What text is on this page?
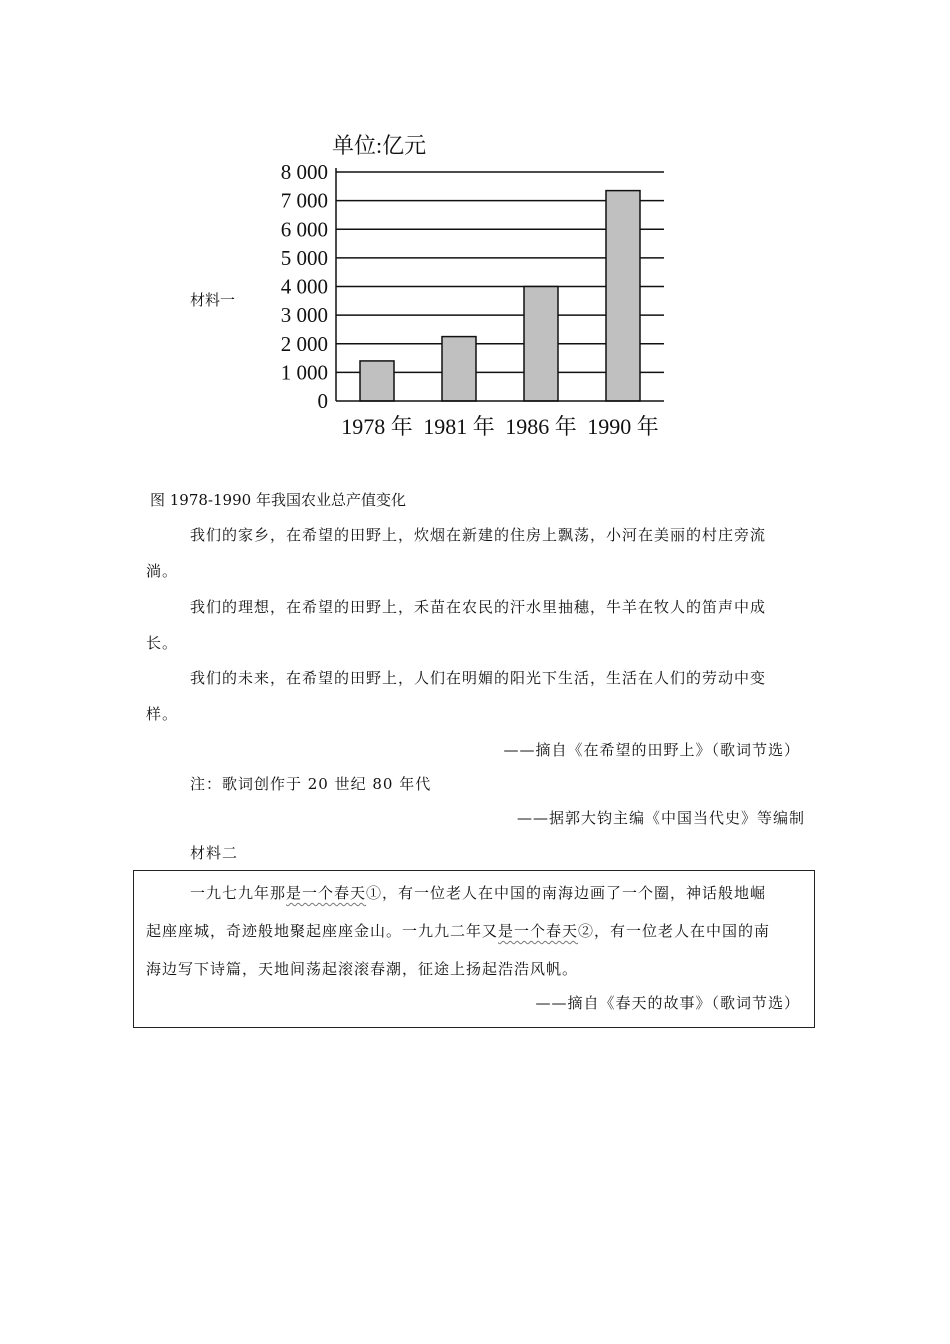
材料一
0
1 000
2 000
3 000
4 000
5 000
6 000
7 000
8 000
1978 年 1981 年 1986 年 1990 年
单位:亿元
图 1978-1990 年我国农业总产值变化
我们的家乡，在希望的田野上，炊烟在新建的住房上飘荡，小河在美丽的村庄旁流
淌。
我们的理想，在希望的田野上，禾苗在农民的汗水里抽穗，牛羊在牧人的笛声中成
长。
我们的未来，在希望的田野上，人们在明媚的阳光下生活，生活在人们的劳动中变
样。
——摘自《在希望的田野上》（歌词节选）
注：歌词创作于 20 世纪 80 年代
——据郭大钧主编《中国当代史》等编制
材料二
一九七九年那是一个春天①，有一位老人在中国的南海边画了一个圈，神话般地崛
起座座城，奇迹般地聚起座座金山。一九九二年又是一个春天②，有一位老人在中国的南
海边写下诗篇，天地间荡起滚滚春潮，征途上扬起浩浩风帆。
——摘自《春天的故事》（歌词节选）
